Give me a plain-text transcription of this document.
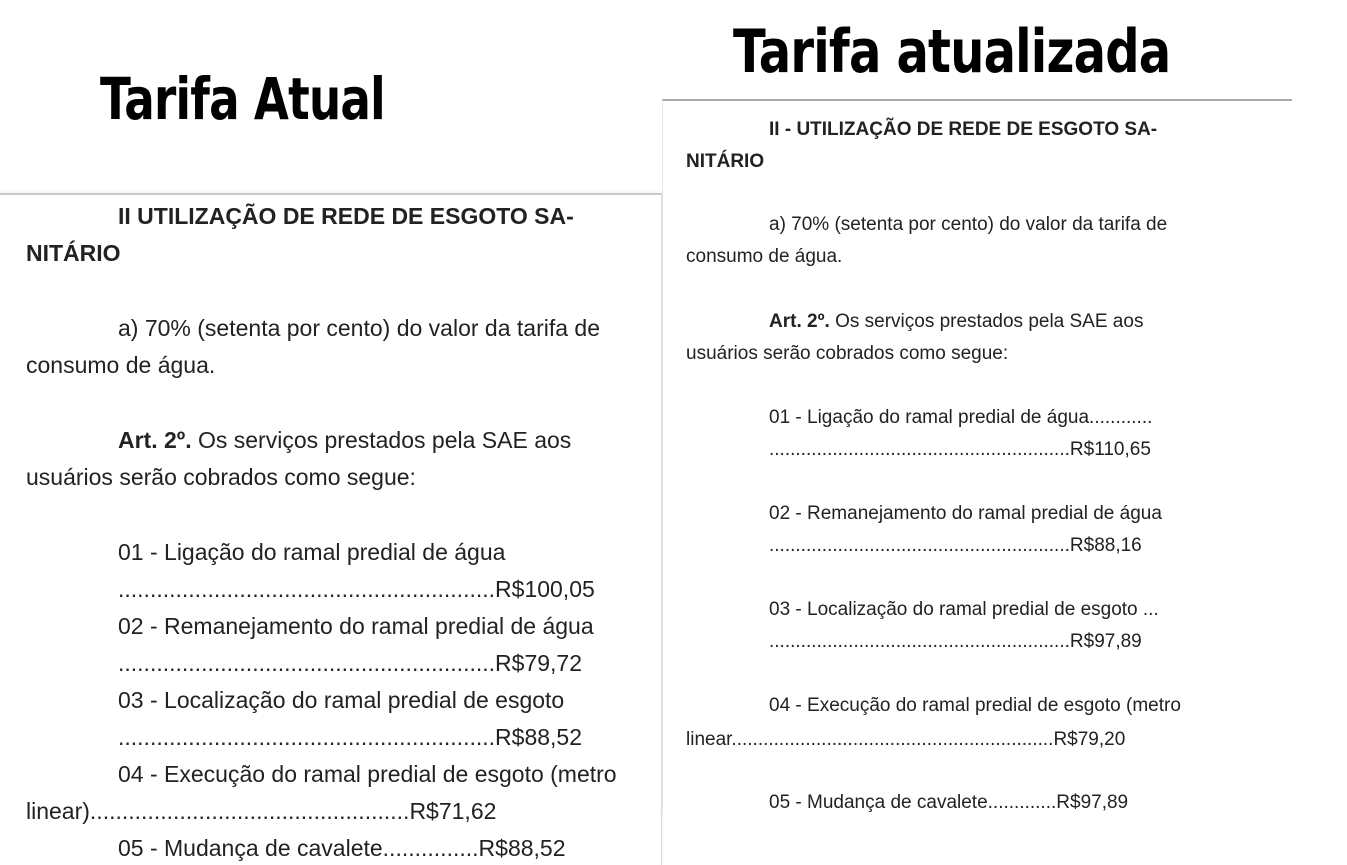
Tarifa Atual
Tarifa atualizada
II UTILIZAÇÃO DE REDE DE ESGOTO SA-
NITÁRIO
a) 70% (setenta por cento) do valor da tarifa de
consumo de água.
Art. 2º. Os serviços prestados pela SAE aos
usuários serão cobrados como segue:
01 - Ligação do ramal predial de água
...........................................................R$100,05
02 - Remanejamento do ramal predial de água
...........................................................R$79,72
03 - Localização do ramal predial de esgoto
...........................................................R$88,52
04 - Execução do ramal predial de esgoto (metro
linear)..................................................R$71,62
05 - Mudança de cavalete...............R$88,52
II - UTILIZAÇÃO DE REDE DE ESGOTO SA-
NITÁRIO
a) 70% (setenta por cento) do valor da tarifa de
consumo de água.
Art. 2º. Os serviços prestados pela SAE aos
usuários serão cobrados como segue:
01 - Ligação do ramal predial de água............
.........................................................R$110,65
02 - Remanejamento do ramal predial de água
.........................................................R$88,16
03 - Localização do ramal predial de esgoto ...
.........................................................R$97,89
04 - Execução do ramal predial de esgoto (metro
linear.............................................................R$79,20
05 - Mudança de cavalete.............R$97,89
